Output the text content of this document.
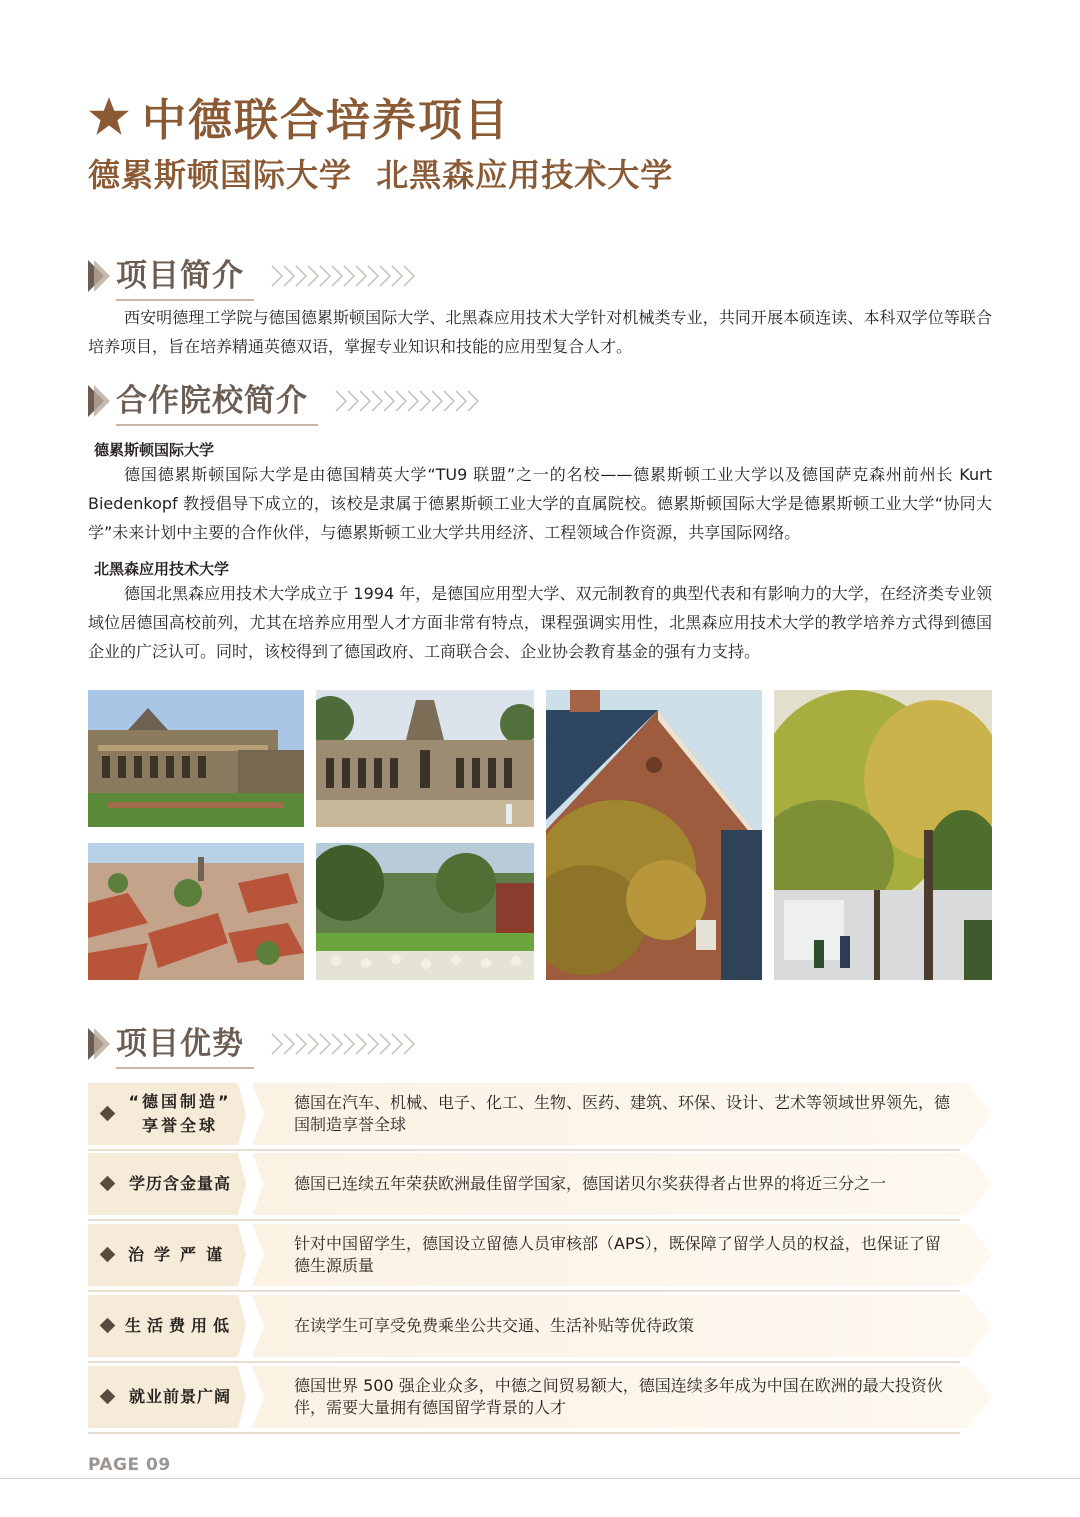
中德联合培养项目
德累斯顿国际大学  北黑森应用技术大学
项目简介

西安明德理工学院与德国德累斯顿国际大学、北黑森应用技术大学针对机械类专业，共同开展本硕连读、本科双学位等联合培养项目，旨在培养精通英德双语，掌握专业知识和技能的应用型复合人才。

合作院校简介
德累斯顿国际大学

德国德累斯顿国际大学是由德国精英大学“TU9 联盟”之一的名校——德累斯顿工业大学以及德国萨克森州前州长 Kurt Biedenkopf 教授倡导下成立的，该校是隶属于德累斯顿工业大学的直属院校。德累斯顿国际大学是德累斯顿工业大学“协同大学”未来计划中主要的合作伙伴，与德累斯顿工业大学共用经济、工程领域合作资源，共享国际网络。

北黑森应用技术大学

德国北黑森应用技术大学成立于 1994 年，是德国应用型大学、双元制教育的典型代表和有影响力的大学，在经济类专业领域位居德国高校前列，尤其在培养应用型人才方面非常有特点，课程强调实用性，北黑森应用技术大学的教学培养方式得到德国企业的广泛认可。同时，该校得到了德国政府、工商联合会、企业协会教育基金的强有力支持。

项目优势
“德国制造”
享誉全球
德国在汽车、机械、电子、化工、生物、医药、建筑、环保、设计、艺术等领域世界领先，德国制造享誉全球
学历含金量高	德国已连续五年荣获欧洲最佳留学国家，德国诺贝尔奖获得者占世界的将近三分之一
治学严谨
针对中国留学生，德国设立留德人员审核部（APS），既保障了留学人员的权益，也保证了留德生源质量
生活费用低	在读学生可享受免费乘坐公共交通、生活补贴等优待政策
就业前景广阔
德国世界 500 强企业众多，中德之间贸易额大，德国连续多年成为中国在欧洲的最大投资伙伴，需要大量拥有德国留学背景的人才
PAGE 09
